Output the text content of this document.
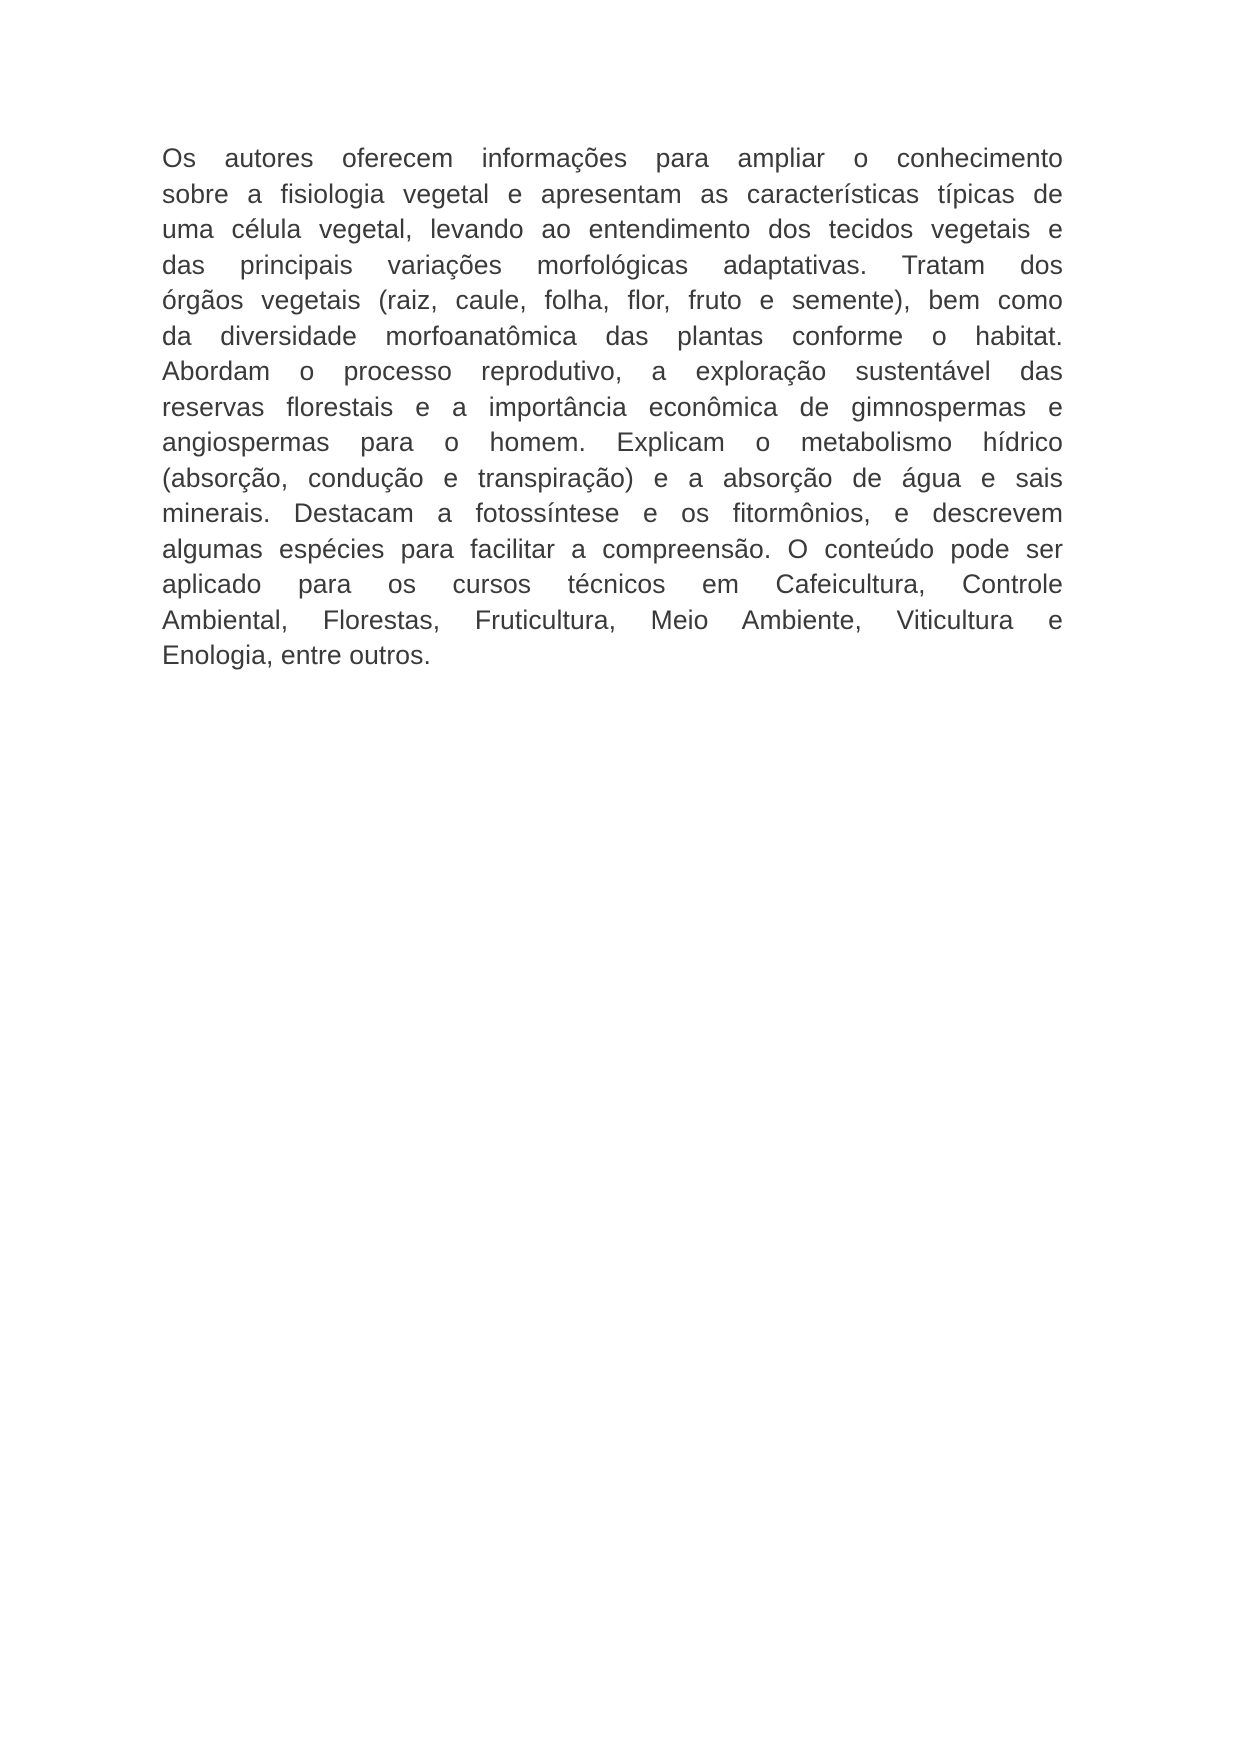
Os autores oferecem informações para ampliar o conhecimento
sobre a fisiologia vegetal e apresentam as características típicas de
uma célula vegetal, levando ao entendimento dos tecidos vegetais e
das principais variações morfológicas adaptativas. Tratam dos
órgãos vegetais (raiz, caule, folha, flor, fruto e semente), bem como
da diversidade morfoanatômica das plantas conforme o habitat.
Abordam o processo reprodutivo, a exploração sustentável das
reservas florestais e a importância econômica de gimnospermas e
angiospermas para o homem. Explicam o metabolismo hídrico
(absorção, condução e transpiração) e a absorção de água e sais
minerais. Destacam a fotossíntese e os fitormônios, e descrevem
algumas espécies para facilitar a compreensão. O conteúdo pode ser
aplicado para os cursos técnicos em Cafeicultura, Controle
Ambiental, Florestas, Fruticultura, Meio Ambiente, Viticultura e
Enologia, entre outros.
